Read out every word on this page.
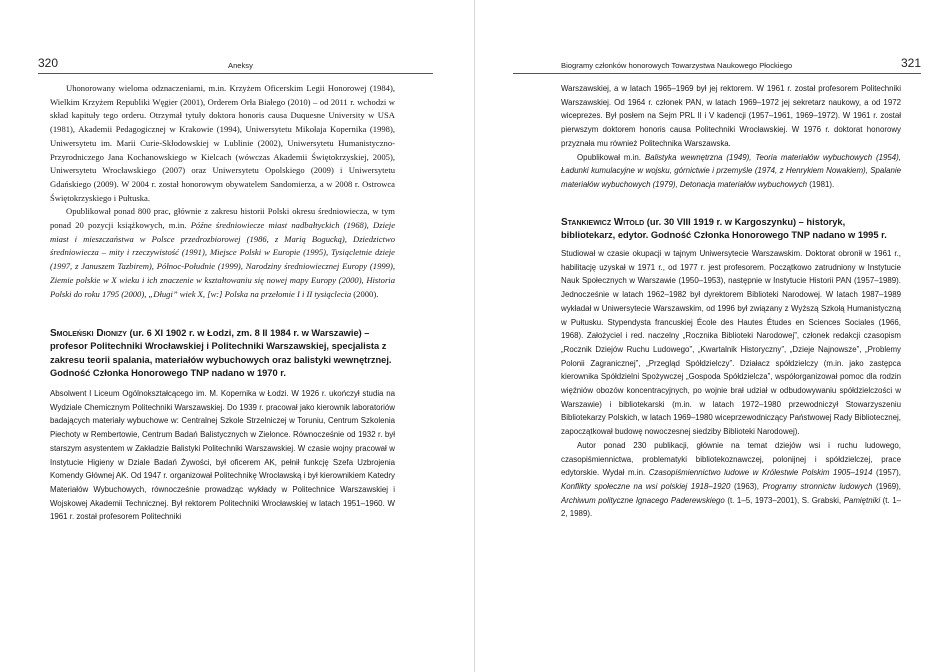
320	Aneksy

Uhonorowany wieloma odznaczeniami, m.in. Krzyżem Oficerskim Legii Honorowej (1984), Wielkim Krzyżem Republiki Węgier (2001), Orderem Orła Białego (2010) – od 2011 r. wchodzi w skład kapituły tego orderu. Otrzymał tytuły doktora honoris causa Duquesne University w USA (1981), Akademii Pedagogicznej w Krakowie (1994), Uniwersytetu Mikołaja Kopernika (1998), Uniwersytetu im. Marii Curie-Skłodowskiej w Lublinie (2002), Uniwersytetu Humanistyczno-Przyrodniczego Jana Kochanowskiego w Kielcach (wówczas Akademii Świętokrzyskiej, 2005), Uniwersytetu Wrocławskiego (2007) oraz Uniwersytetu Opolskiego (2009) i Uniwersytetu Gdańskiego (2009). W 2004 r. został honorowym obywatelem Sandomierza, a w 2008 r. Ostrowca Świętokrzyskiego i Pułtuska.

Opublikował ponad 800 prac, głównie z zakresu historii Polski okresu średniowiecza, w tym ponad 20 pozycji książkowych, m.in. Późne średniowiecze miast nadbałtyckich (1968), Dzieje miast i mieszczaństwa w Polsce przedrozbiorowej (1986, z Marią Bogucką), Dziedzictwo średniowiecza – mity i rzeczywistość (1991), Miejsce Polski w Europie (1995), Tysiącletnie dzieje (1997, z Januszem Tazbirem), Północ-Południe (1999), Narodziny średniowiecznej Europy (1999), Ziemie polskie w X wieku i ich znaczenie w kształtowaniu się nowej mapy Europy (2000), Historia Polski do roku 1795 (2000), „Długi” wiek X, [w:] Polska na przełomie I i II tysiąclecia (2000).

Smoleński Dionizy (ur. 6 XI 1902 r. w Łodzi, zm. 8 II 1984 r. w Warszawie) – profesor Politechniki Wrocławskiej i Politechniki Warszawskiej, specjalista z zakresu teorii spalania, materiałów wybuchowych oraz balistyki wewnętrznej. Godność Członka Honorowego TNP nadano w 1970 r.

Absolwent I Liceum Ogólnokształcącego im. M. Kopernika w Łodzi. W 1926 r. ukończył studia na Wydziale Chemicznym Politechniki Warszawskiej. Do 1939 r. pracował jako kierownik laboratoriów badających materiały wybuchowe w: Centralnej Szkole Strzelniczej w Toruniu, Centrum Szkolenia Piechoty w Rembertowie, Centrum Badań Balistycznych w Zielonce. Równocześnie od 1932 r. był starszym asystentem w Zakładzie Balistyki Politechniki Warszawskiej. W czasie wojny pracował w Instytucie Higieny w Dziale Badań Żywości, był oficerem AK, pełnił funkcję Szefa Uzbrojenia Komendy Głównej AK. Od 1947 r. organizował Politechnikę Wrocławską i był kierownikiem Katedry Materiałów Wybuchowych, równocześnie prowadząc wykłady w Politechnice Warszawskiej i Wojskowej Akademii Technicznej. Był rektorem Politechniki Wrocławskiej w latach 1951–1960. W 1961 r. został profesorem Politechniki

Biogramy członków honorowych Towarzystwa Naukowego Płockiego	321

Warszawskiej, a w latach 1965–1969 był jej rektorem. W 1961 r. został profesorem Politechniki Warszawskiej. Od 1964 r. członek PAN, w latach 1969–1972 jej sekretarz naukowy, a od 1972 wiceprezes. Był posłem na Sejm PRL II i V kadencji (1957–1961, 1969–1972). W 1961 r. został pierwszym doktorem honoris causa Politechniki Wrocławskiej. W 1976 r. doktorat honorowy przyznała mu również Politechnika Warszawska.

Opublikował m.in. Balistyka wewnętrzna (1949), Teoria materiałów wybuchowych (1954), Ładunki kumulacyjne w wojsku, górnictwie i przemyśle (1974, z Henrykiem Nowakiem), Spalanie materiałów wybuchowych (1979), Detonacja materiałów wybuchowych (1981).

Stankiewicz Witold (ur. 30 VIII 1919 r. w Kargoszynku) – historyk, bibliotekarz, edytor. Godność Członka Honorowego TNP nadano w 1995 r.

Studiował w czasie okupacji w tajnym Uniwersytecie Warszawskim. Doktorat obronił w 1961 r., habilitację uzyskał w 1971 r., od 1977 r. jest profesorem. Początkowo zatrudniony w Instytucie Nauk Społecznych w Warszawie (1950–1953), następnie w Instytucie Historii PAN (1957–1989). Jednocześnie w latach 1962–1982 był dyrektorem Biblioteki Narodowej. W latach 1987–1989 wykładał w Uniwersytecie Warszawskim, od 1996 był związany z Wyższą Szkołą Humanistyczną w Pułtusku. Stypendysta francuskiej École des Hautes Études en Sciences Sociales (1966, 1968). Założyciel i red. naczelny „Rocznika Biblioteki Narodowej”, członek redakcji czasopism „Rocznik Dziejów Ruchu Ludowego”, „Kwartalnik Historyczny”, „Dzieje Najnowsze”, „Problemy Polonii Zagranicznej”, „Przegląd Spółdzielczy”. Działacz spółdzielczy (m.in. jako zastępca kierownika Spółdzielni Spożywczej „Gospoda Spółdzielcza”, współorganizował pomoc dla rodzin więźniów obozów koncentracyjnych, po wojnie brał udział w odbudowywaniu spółdzielczości w Warszawie) i bibliotekarski (m.in. w latach 1972–1980 przewodniczył Stowarzyszeniu Bibliotekarzy Polskich, w latach 1969–1980 wiceprzewodniczący Państwowej Rady Bibliotecznej, zapoczątkował budowę nowoczesnej siedziby Biblioteki Narodowej).

Autor ponad 230 publikacji, głównie na temat dziejów wsi i ruchu ludowego, czasopiśmiennictwa, problematyki bibliotekoznawczej, polonijnej i spółdzielczej, prace edytorskie. Wydał m.in. Czasopiśmiennictwo ludowe w Królestwie Polskim 1905–1914 (1957), Konflikty społeczne na wsi polskiej 1918–1920 (1963), Programy stronnictw ludowych (1969), Archiwum polityczne Ignacego Paderewskiego (t. 1–5, 1973–2001), S. Grabski, Pamiętniki (t. 1–2, 1989).
